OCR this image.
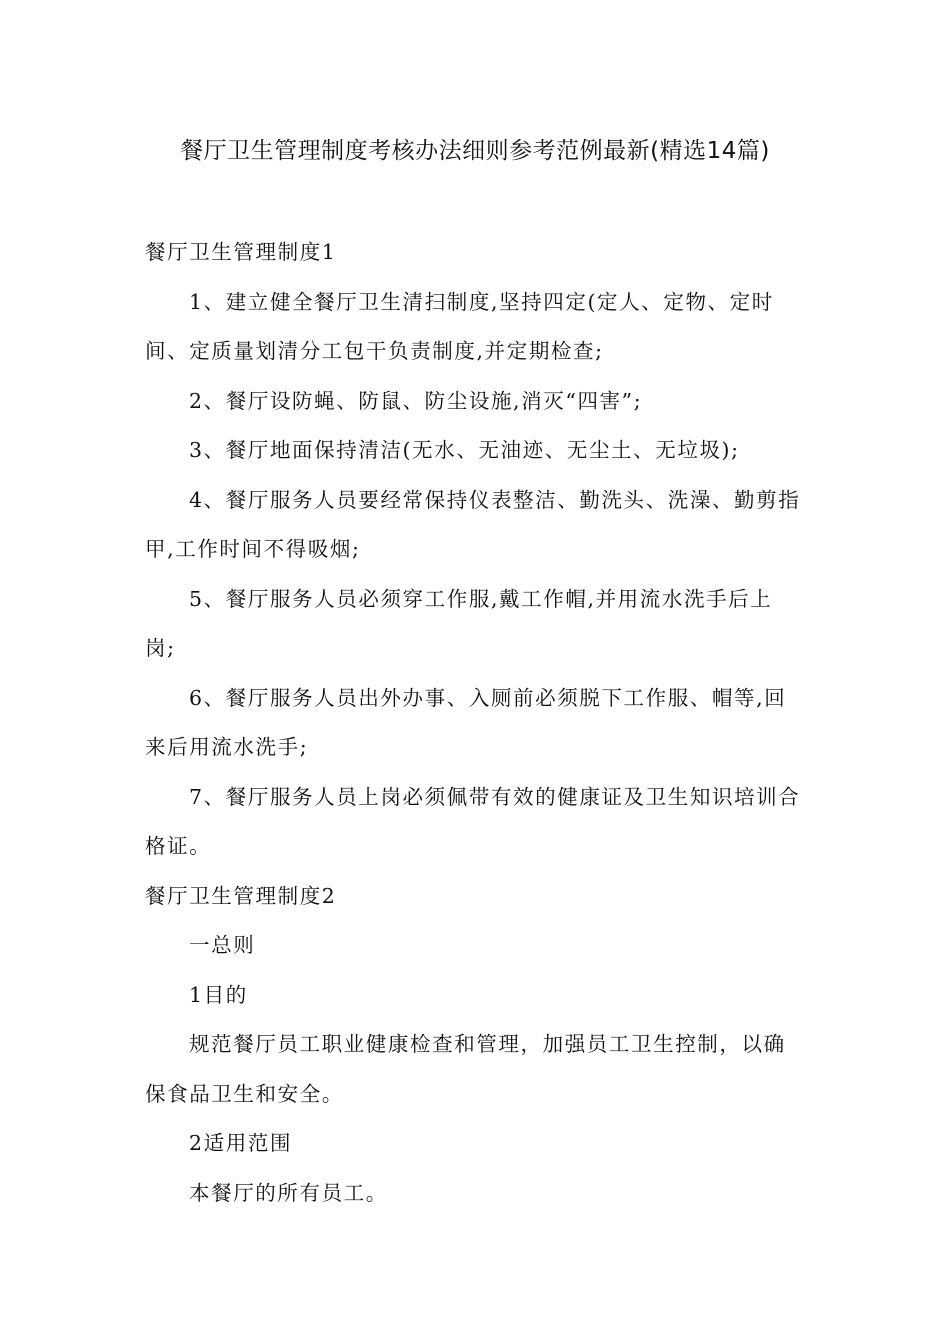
餐厅卫生管理制度考核办法细则参考范例最新(精选14篇)

餐厅卫生管理制度1

1、建立健全餐厅卫生清扫制度,坚持四定(定人、定物、定时

间、定质量划清分工包干负责制度,并定期检查;

2、餐厅设防蝇、防鼠、防尘设施,消灭“四害”;

3、餐厅地面保持清洁(无水、无油迹、无尘土、无垃圾);

4、餐厅服务人员要经常保持仪表整洁、勤洗头、洗澡、勤剪指

甲,工作时间不得吸烟;

5、餐厅服务人员必须穿工作服,戴工作帽,并用流水洗手后上

岗;

6、餐厅服务人员出外办事、入厕前必须脱下工作服、帽等,回

来后用流水洗手;

7、餐厅服务人员上岗必须佩带有效的健康证及卫生知识培训合

格证。

餐厅卫生管理制度2

一总则

1目的

规范餐厅员工职业健康检查和管理，加强员工卫生控制，以确

保食品卫生和安全。

2适用范围

本餐厅的所有员工。
